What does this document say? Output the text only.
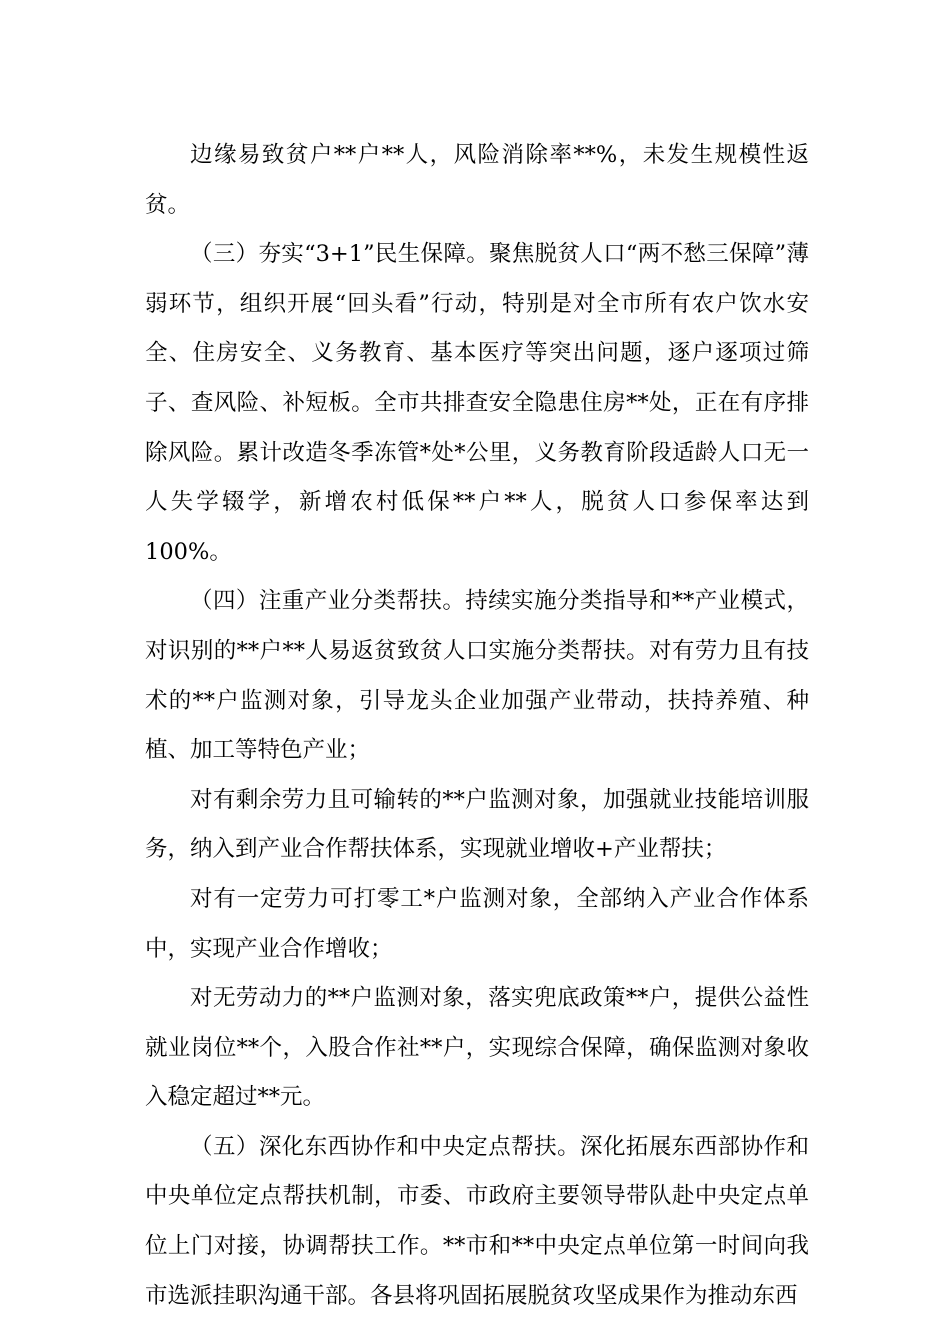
边缘易致贫户**户**人，风险消除率**%，未发生规模性返贫。

（三）夯实“3+1”民生保障。聚焦脱贫人口“两不愁三保障”薄弱环节，组织开展“回头看”行动，特别是对全市所有农户饮水安全、住房安全、义务教育、基本医疗等突出问题，逐户逐项过筛子、查风险、补短板。全市共排查安全隐患住房**处，正在有序排除风险。累计改造冬季冻管*处*公里，义务教育阶段适龄人口无一人失学辍学，新增农村低保**户**人，脱贫人口参保率达到100%。

（四）注重产业分类帮扶。持续实施分类指导和**产业模式，对识别的**户**人易返贫致贫人口实施分类帮扶。对有劳力且有技术的**户监测对象，引导龙头企业加强产业带动，扶持养殖、种植、加工等特色产业；

对有剩余劳力且可输转的**户监测对象，加强就业技能培训服务，纳入到产业合作帮扶体系，实现就业增收+产业帮扶；

对有一定劳力可打零工*户监测对象，全部纳入产业合作体系中，实现产业合作增收；

对无劳动力的**户监测对象，落实兜底政策**户，提供公益性就业岗位**个，入股合作社**户，实现综合保障，确保监测对象收入稳定超过**元。

（五）深化东西协作和中央定点帮扶。深化拓展东西部协作和中央单位定点帮扶机制，市委、市政府主要领导带队赴中央定点单位上门对接，协调帮扶工作。**市和**中央定点单位第一时间向我市选派挂职沟通干部。各县将巩固拓展脱贫攻坚成果作为推动东西
